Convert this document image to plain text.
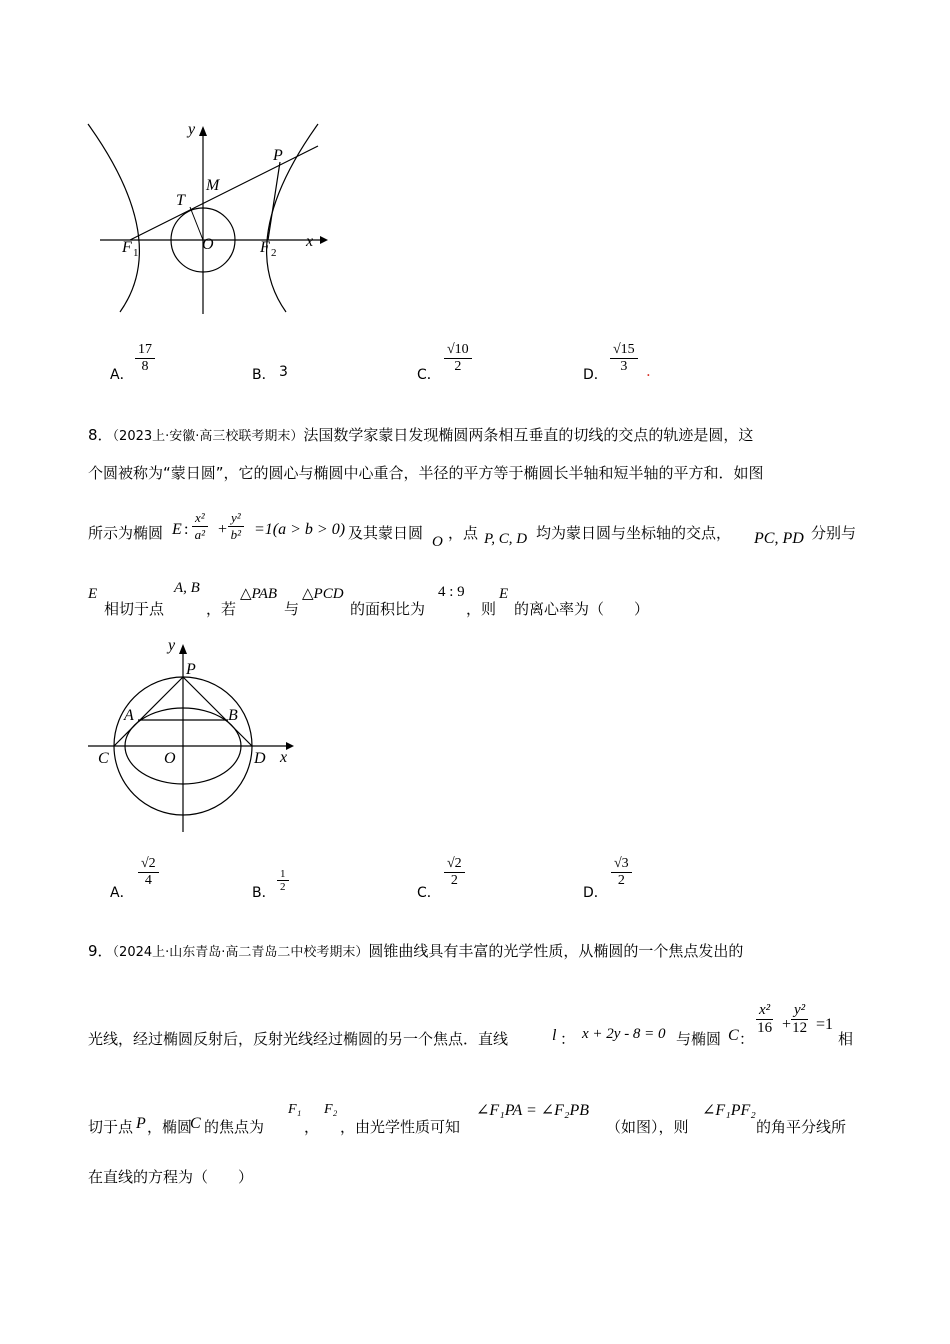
y
x
P
M
T
O
F 1	F 2
A． $\frac{17}{8}$	B． 3	C． $\frac{√10}{2}$	D． $\frac{√15}{3}$ .
8．（2023上·安徽·高三校联考期末）法国数学家蒙日发现椭圆两条相互垂直的切线的交点的轨迹是圆，这
个圆被称为“蒙日圆”，它的圆心与椭圆中心重合，半径的平方等于椭圆长半轴和短半轴的平方和．如图
所示为椭圆 E : $\frac{\text{x²}}{\text{a²}} + \frac{\text{y²}}{\text{b²}} =1(a > b > 0)$ 及其蒙日圆 O ，点 P, C, D 均为蒙日圆与坐标轴的交点， PC, PD 分别与
E
相切于点
A, B
，若
△PAB
与
△PCD
的面积比为
4 : 9
，则
E
的离心率为（　　）
y
x
P
A	B
C	D
O
A．
$\frac{√2}{4}$
B． $\frac{1}{2}$	C．
$\frac{√2}{2}$
D．
$\frac{√3}{2}$
9．（2024上·山东青岛·高二青岛二中校考期末）圆锥曲线具有丰富的光学性质，从椭圆的一个焦点发出的
光线，经过椭圆反射后，反射光线经过椭圆的另一个焦点．直线	l ： x + 2y - 8 = 0 与椭圆 C ：
$\frac{\text{x²}}{16} + \frac{\text{y²}}{12} =1$
相
切于点 P ，椭圆
C 的焦点为
F₁
，
F₂
，由光学性质可知
∠F₁PA = ∠F₂PB
（如图），则
∠F₁PF₂
的角平分线所
在直线的方程为（　　）
